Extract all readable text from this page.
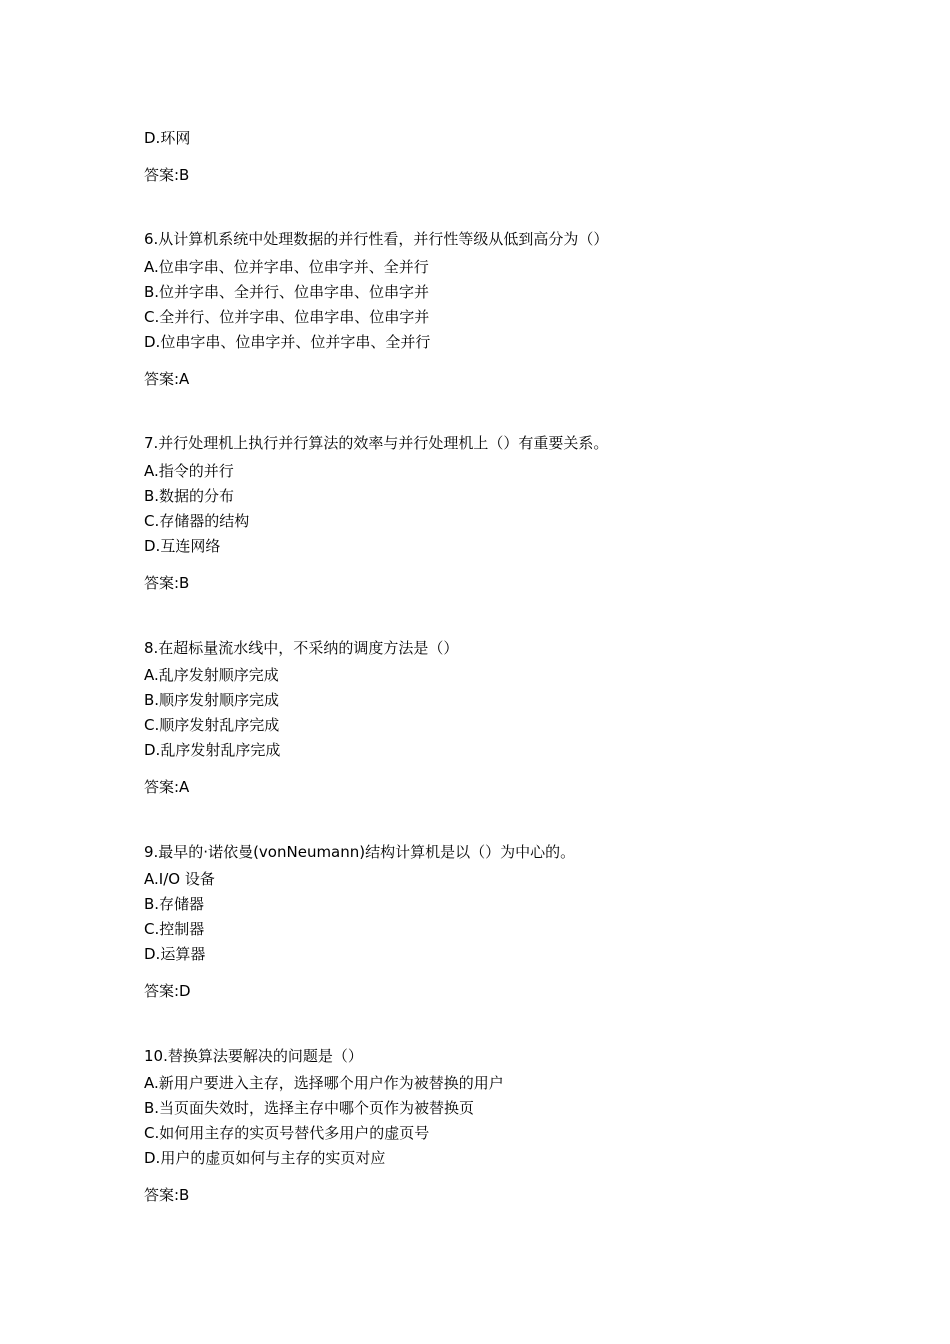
D.环网
答案:B
6.从计算机系统中处理数据的并行性看，并行性等级从低到高分为（）
A.位串字串、位并字串、位串字并、全并行
B.位并字串、全并行、位串字串、位串字并
C.全并行、位并字串、位串字串、位串字并
D.位串字串、位串字并、位并字串、全并行
答案:A
7.并行处理机上执行并行算法的效率与并行处理机上（）有重要关系。
A.指令的并行
B.数据的分布
C.存储器的结构
D.互连网络
答案:B
8.在超标量流水线中，不采纳的调度方法是（）
A.乱序发射顺序完成
B.顺序发射顺序完成
C.顺序发射乱序完成
D.乱序发射乱序完成
答案:A
9.最早的·诺依曼(vonNeumann)结构计算机是以（）为中心的。
A.I/O 设备
B.存储器
C.控制器
D.运算器
答案:D
10.替换算法要解决的问题是（）
A.新用户要进入主存，选择哪个用户作为被替换的用户
B.当页面失效时，选择主存中哪个页作为被替换页
C.如何用主存的实页号替代多用户的虚页号
D.用户的虚页如何与主存的实页对应
答案:B
